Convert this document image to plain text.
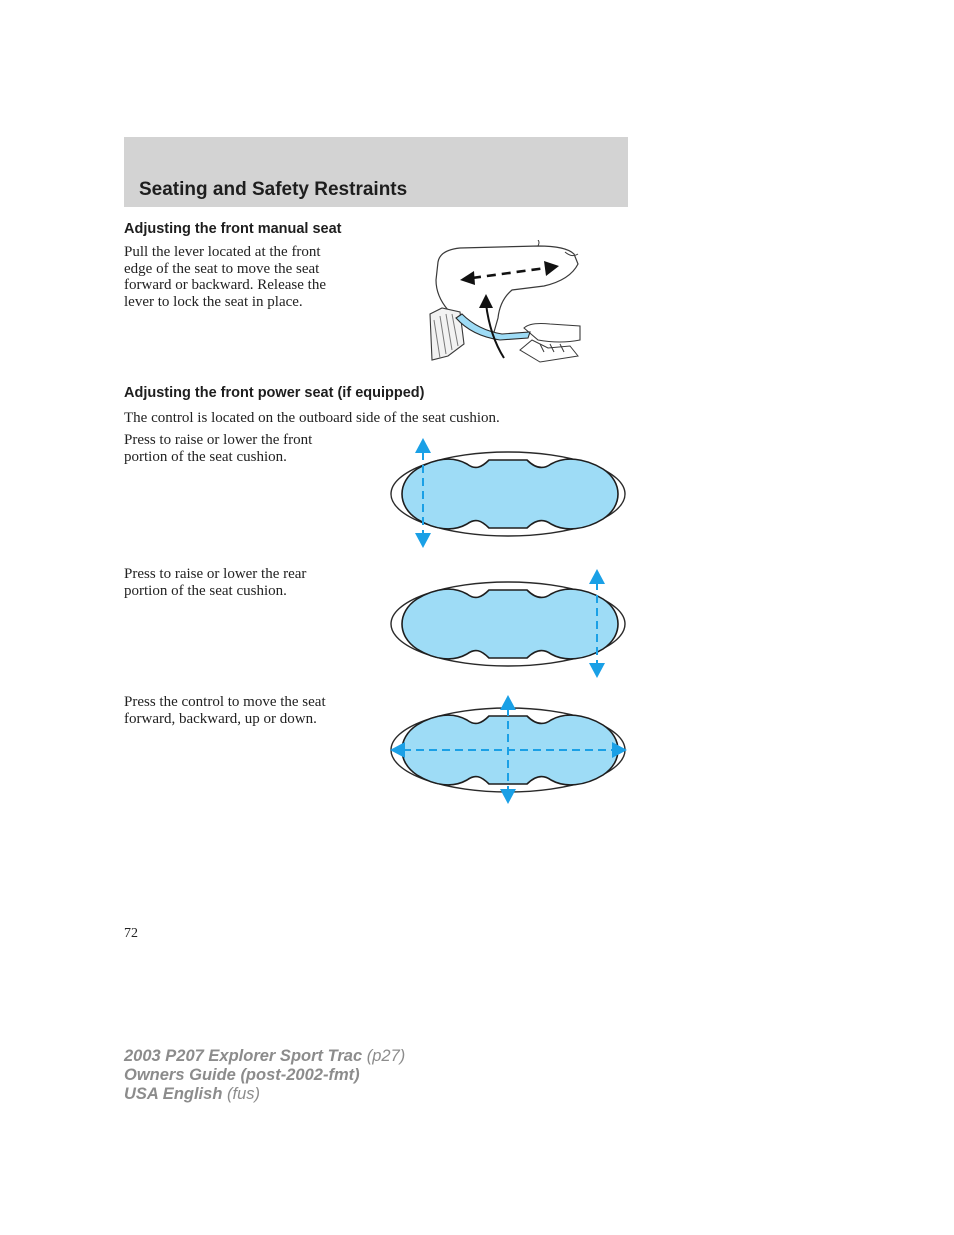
Seating and Safety Restraints
Adjusting the front manual seat

Pull the lever located at the front
edge of the seat to move the seat
forward or backward. Release the
lever to lock the seat in place.

Adjusting the front power seat (if equipped)

The control is located on the outboard side of the seat cushion.

Press to raise or lower the front
portion of the seat cushion.

Press to raise or lower the rear
portion of the seat cushion.

Press the control to move the seat
forward, backward, up or down.

72
2003 P207 Explorer Sport Trac (p27)
Owners Guide (post-2002-fmt)
USA English (fus)
